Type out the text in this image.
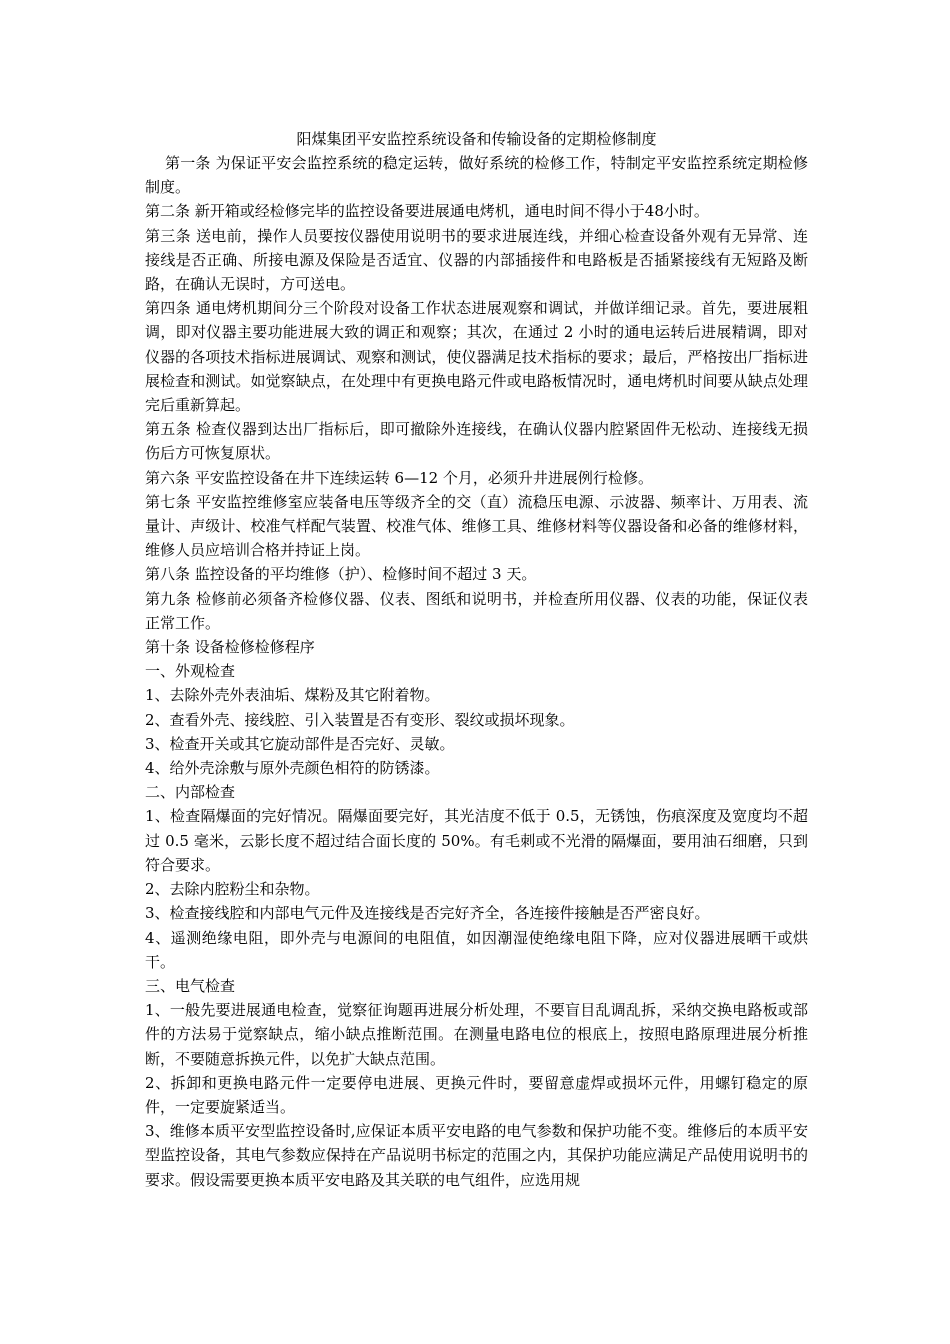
阳煤集团平安监控系统设备和传输设备的定期检修制度

第一条 为保证平安会监控系统的稳定运转，做好系统的检修工作，特制定平安监控系统定期检修制度。

第二条 新开箱或经检修完毕的监控设备要进展通电烤机，通电时间不得小于48小时。

第三条 送电前，操作人员要按仪器使用说明书的要求进展连线，并细心检查设备外观有无异常、连接线是否正确、所接电源及保险是否适宜、仪器的内部插接件和电路板是否插紧接线有无短路及断路，在确认无误时，方可送电。

第四条 通电烤机期间分三个阶段对设备工作状态进展观察和调试，并做详细记录。首先，要进展粗调，即对仪器主要功能进展大致的调正和观察；其次，在通过 2 小时的通电运转后进展精调，即对仪器的各项技术指标进展调试、观察和测试，使仪器满足技术指标的要求；最后，严格按出厂指标进展检查和测试。如觉察缺点，在处理中有更换电路元件或电路板情况时，通电烤机时间要从缺点处理完后重新算起。

第五条 检查仪器到达出厂指标后，即可撤除外连接线，在确认仪器内腔紧固件无松动、连接线无损伤后方可恢复原状。

第六条 平安监控设备在井下连续运转 6—12 个月，必须升井进展例行检修。

第七条 平安监控维修室应装备电压等级齐全的交（直）流稳压电源、示波器、频率计、万用表、流量计、声级计、校准气样配气装置、校准气体、维修工具、维修材料等仪器设备和必备的维修材料，维修人员应培训合格并持证上岗。

第八条 监控设备的平均维修（护）、检修时间不超过 3 天。

第九条 检修前必须备齐检修仪器、仪表、图纸和说明书，并检查所用仪器、仪表的功能，保证仪表正常工作。

第十条 设备检修检修程序

一、外观检查

1、去除外壳外表油垢、煤粉及其它附着物。

2、查看外壳、接线腔、引入装置是否有变形、裂纹或损坏现象。

3、检查开关或其它旋动部件是否完好、灵敏。

4、给外壳涂敷与原外壳颜色相符的防锈漆。

二、内部检查

1、检查隔爆面的完好情况。隔爆面要完好，其光洁度不低于 0.5，无锈蚀，伤痕深度及宽度均不超过 0.5 毫米，云影长度不超过结合面长度的 50%。有毛刺或不光滑的隔爆面，要用油石细磨，只到符合要求。

2、去除内腔粉尘和杂物。

3、检查接线腔和内部电气元件及连接线是否完好齐全，各连接件接触是否严密良好。

4、遥测绝缘电阻，即外壳与电源间的电阻值，如因潮湿使绝缘电阻下降，应对仪器进展晒干或烘干。

三、电气检查

1、一般先要进展通电检查，觉察征询题再进展分析处理，不要盲目乱调乱拆，采纳交换电路板或部件的方法易于觉察缺点，缩小缺点推断范围。在测量电路电位的根底上，按照电路原理进展分析推断，不要随意拆换元件，以免扩大缺点范围。

2、拆卸和更换电路元件一定要停电进展、更换元件时，要留意虚焊或损坏元件，用螺钉稳定的原件，一定要旋紧适当。

3、维修本质平安型监控设备时,应保证本质平安电路的电气参数和保护功能不变。维修后的本质平安型监控设备，其电气参数应保持在产品说明书标定的范围之内，其保护功能应满足产品使用说明书的要求。假设需要更换本质平安电路及其关联的电气组件，应选用规
